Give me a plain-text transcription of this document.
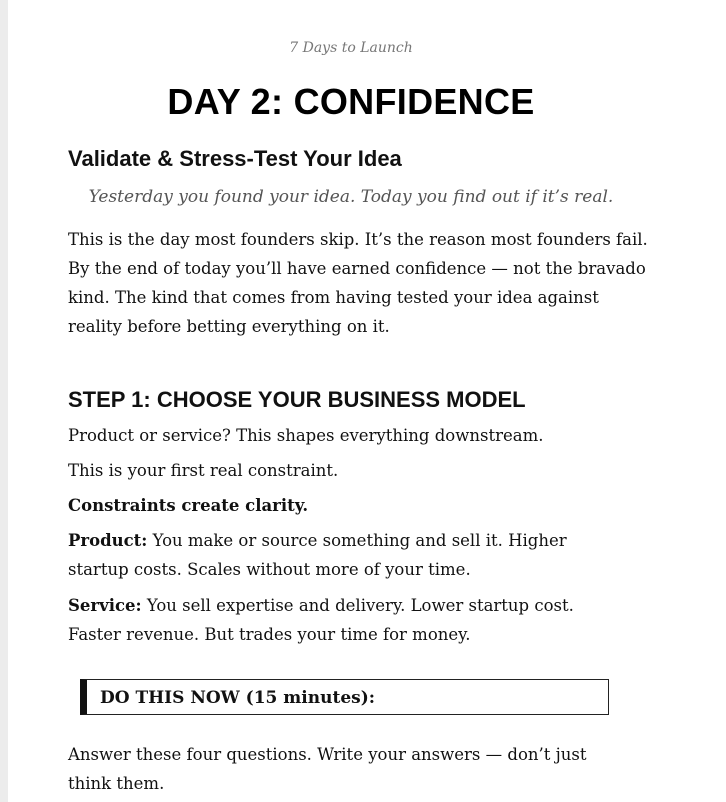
7 Days to Launch
DAY 2: CONFIDENCE
Validate & Stress-Test Your Idea
Yesterday you found your idea. Today you find out if it’s real.

This is the day most founders skip. It’s the reason most founders fail. By the end of today you’ll have earned confidence — not the bravado kind. The kind that comes from having tested your idea against reality before betting everything on it.

STEP 1: CHOOSE YOUR BUSINESS MODEL

Product or service? This shapes everything downstream.

This is your first real constraint.

Constraints create clarity.

Product: You make or source something and sell it. Higher startup costs. Scales without more of your time.

Service: You sell expertise and delivery. Lower startup cost. Faster revenue. But trades your time for money.

DO THIS NOW (15 minutes):

Answer these four questions. Write your answers — don’t just think them.
